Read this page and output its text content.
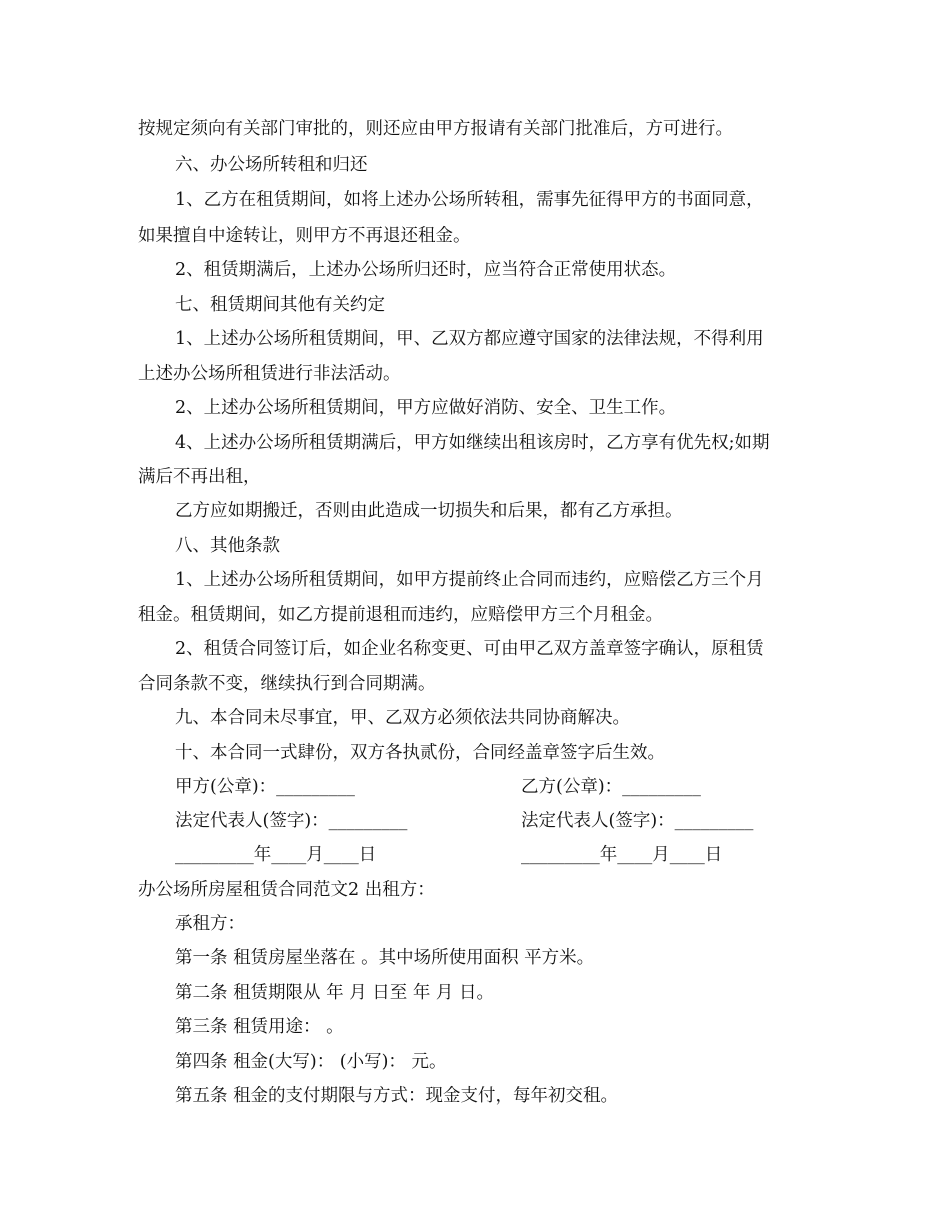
按规定须向有关部门审批的，则还应由甲方报请有关部门批准后，方可进行。
六、办公场所转租和归还
1、乙方在租赁期间，如将上述办公场所转租，需事先征得甲方的书面同意，
如果擅自中途转让，则甲方不再退还租金。
2、租赁期满后，上述办公场所归还时，应当符合正常使用状态。
七、租赁期间其他有关约定
1、上述办公场所租赁期间，甲、乙双方都应遵守国家的法律法规，不得利用
上述办公场所租赁进行非法活动。
2、上述办公场所租赁期间，甲方应做好消防、安全、卫生工作。
4、上述办公场所租赁期满后，甲方如继续出租该房时，乙方享有优先权;如期
满后不再出租，
乙方应如期搬迁，否则由此造成一切损失和后果，都有乙方承担。
八、其他条款
1、上述办公场所租赁期间，如甲方提前终止合同而违约，应赔偿乙方三个月
租金。租赁期间，如乙方提前退租而违约，应赔偿甲方三个月租金。
2、租赁合同签订后，如企业名称变更、可由甲乙双方盖章签字确认，原租赁
合同条款不变，继续执行到合同期满。
九、本合同未尽事宜，甲、乙双方必须依法共同协商解决。
十、本合同一式肆份，双方各执贰份，合同经盖章签字后生效。
甲方(公章)：_________	乙方(公章)：_________
法定代表人(签字)：_________	法定代表人(签字)：_________
_________年____月____日	_________年____月____日
办公场所房屋租赁合同范文2 出租方：
承租方：
第一条 租赁房屋坐落在 。其中场所使用面积 平方米。
第二条 租赁期限从 年 月 日至 年 月 日。
第三条 租赁用途： 。
第四条 租金(大写)： (小写)： 元。
第五条 租金的支付期限与方式：现金支付，每年初交租。
